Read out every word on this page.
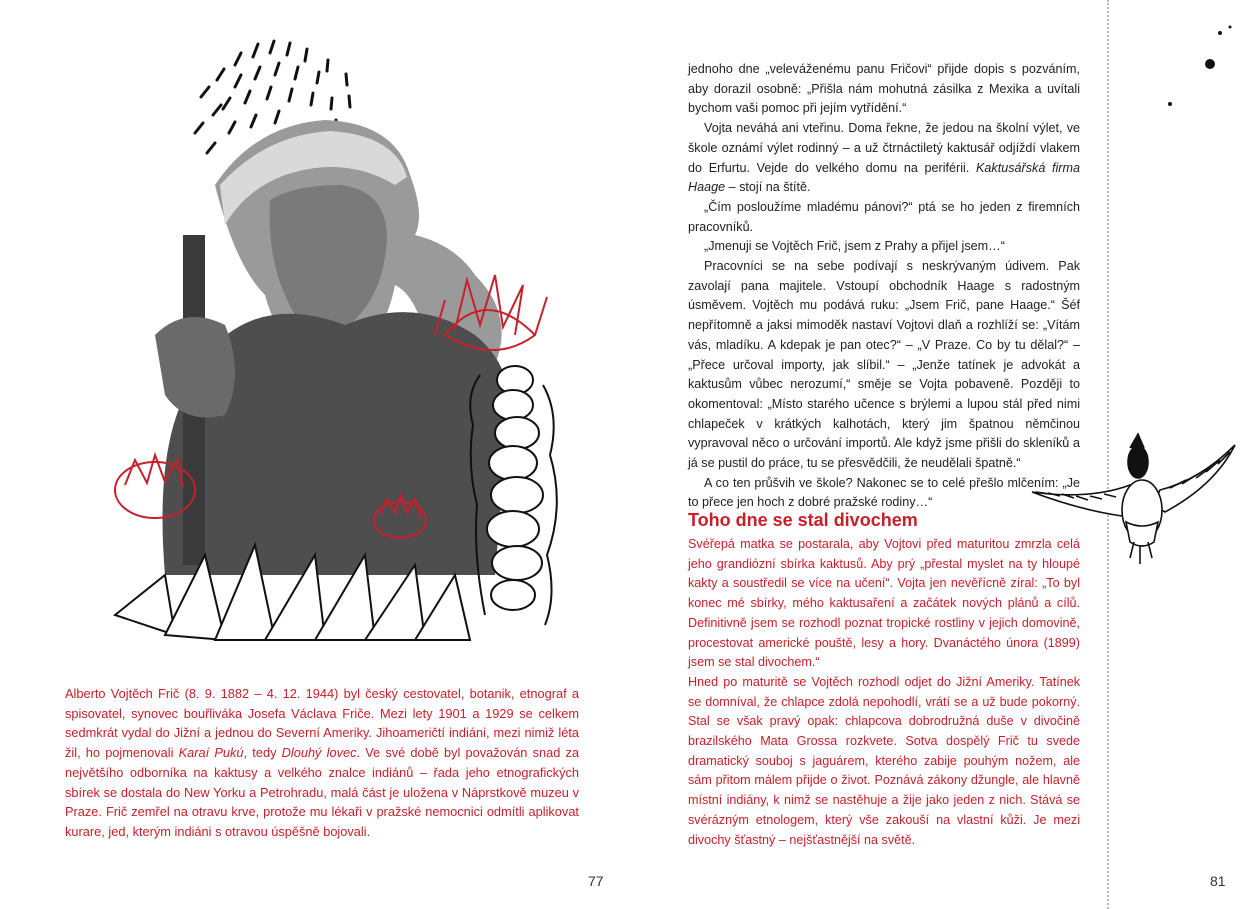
Alberto Vojtěch Frič (8. 9. 1882 – 4. 12. 1944) byl český cestovatel, botanik, etnograf a spisovatel, synovec bouřliváka Josefa Václava Friče. Mezi lety 1901 a 1929 se celkem sedmkrát vydal do Jižní a jednou do Severní Ameriky. Jihoameričtí indiáni, mezi nimiž léta žil, ho pojmenovali Karaí Pukú, tedy Dlouhý lovec. Ve své době byl považován snad za největšího odborníka na kaktusy a velkého znalce indiánů – řada jeho etnografických sbírek se dostala do New Yorku a Petrohradu, malá část je uložena v Náprstkově muzeu v Praze. Frič zemřel na otravu krve, protože mu lékaři v pražské nemocnici odmítli aplikovat kurare, jed, kterým indiáni s otravou úspěšně bojovali.

77

jednoho dne „veleváženému panu Fričovi“ přijde dopis s pozváním, aby dorazil osobně: „Přišla nám mohutná zásilka z Mexika a uvítali bychom vaši pomoc při jejím vytřídění.“

Vojta neváhá ani vteřinu. Doma řekne, že jedou na školní výlet, ve škole oznámí výlet rodinný – a už čtrnáctiletý kaktusář odjíždí vlakem do Erfurtu. Vejde do velkého domu na periférii. Kaktusářská firma Haage – stojí na štítě.

„Čím posloužíme mladému pánovi?“ ptá se ho jeden z firemních pracovníků.

„Jmenuji se Vojtěch Frič, jsem z Prahy a přijel jsem…“

Pracovníci se na sebe podívají s neskrývaným údivem. Pak zavolají pana majitele. Vstoupí obchodník Haage s radostným úsměvem. Vojtěch mu podává ruku: „Jsem Frič, pane Haage.“ Šéf nepřítomně a jaksi mimoděk nastaví Vojtovi dlaň a rozhlíží se: „Vítám vás, mladíku. A kdepak je pan otec?“ – „V Praze. Co by tu dělal?“ – „Přece určoval importy, jak slíbil.“ – „Jenže tatínek je advokát a kaktusům vůbec nerozumí,“ směje se Vojta pobaveně. Později to okomentoval: „Místo starého učence s brýlemi a lupou stál před nimi chlapeček v krátkých kalhotách, který jim špatnou němčinou vypravoval něco o určování importů. Ale když jsme přišli do skleníků a já se pustil do práce, tu se přesvědčili, že neudělali špatně.“

A co ten průšvih ve škole? Nakonec se to celé přešlo mlčením: „Je to přece jen hoch z dobré pražské rodiny…“

Toho dne se stal divochem

Svéřepá matka se postarala, aby Vojtovi před maturitou zmrzla celá jeho grandiózní sbírka kaktusů. Aby prý „přestal myslet na ty hloupé kakty a soustředil se více na učení“. Vojta jen nevěřícně zíral: „To byl konec mé sbírky, mého kaktusaření a začátek nových plánů a cílů. Definitivně jsem se rozhodl poznat tropické rostliny v jejich domovině, procestovat americké pouště, lesy a hory. Dvanáctého února (1899) jsem se stal divochem.“

Hned po maturitě se Vojtěch rozhodl odjet do Jižní Ameriky. Tatínek se domníval, že chlapce zdolá nepohodlí, vrátí se a už bude pokorný. Stal se však pravý opak: chlapcova dobrodružná duše v divočině brazilského Mata Grossa rozkvete. Sotva dospělý Frič tu svede dramatický souboj s jaguárem, kterého zabije pouhým nožem, ale sám přitom málem přijde o život. Poznává zákony džungle, ale hlavně místní indiány, k nimž se nastěhuje a žije jako jeden z nich. Stává se svérázným etnologem, který vše zakouší na vlastní kůži. Je mezi divochy šťastný – nejšťastnější na světě.

81
